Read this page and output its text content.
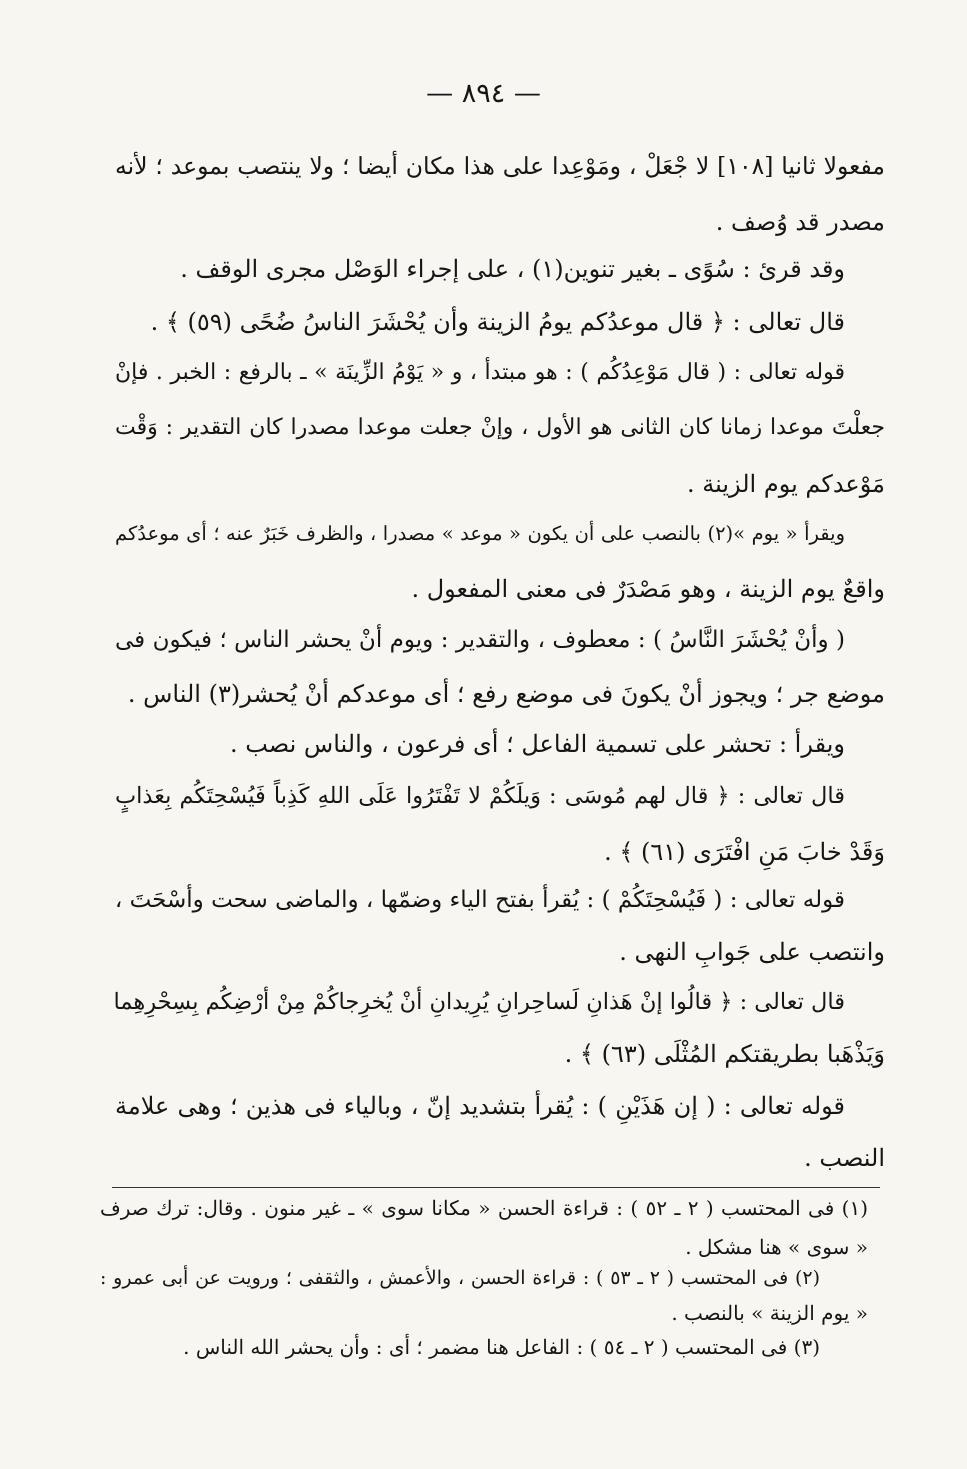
— ٨٩٤ —
مفعولا ثانيا [١٠٨] لا جْعَلْ ، ومَوْعِدا على هذا مكان أيضا ؛ ولا ينتصب بموعد ؛ لأنه
مصدر قد وُصف .
وقد قرئ : سُوًى ـ بغير تنوين(١) ، على إجراء الوَصْل مجرى الوقف .
قال تعالى : ﴿ قال موعدُكم يومُ الزينة وأن يُحْشَرَ الناسُ ضُحًى (٥٩) ﴾ .
قوله تعالى : ( قال مَوْعِدُكُم ) : هو مبتدأ ، و « يَوْمُ الزِّينَة » ـ بالرفع : الخبر . فإنْ
جعلْتَ موعدا زمانا كان الثانى هو الأول ، وإنْ جعلت موعدا مصدرا كان التقدير : وَقْت
مَوْعدكم يوم الزينة .
ويقرأ « يوم »(٢) بالنصب على أن يكون « موعد » مصدرا ، والظرف خَبَرٌ عنه ؛ أى موعدُكم
واقعٌ يوم الزينة ، وهو مَصْدَرٌ فى معنى المفعول .
( وأنْ يُحْشَرَ النَّاسُ ) : معطوف ، والتقدير : ويوم أنْ يحشر الناس ؛ فيكون فى
موضع جر ؛ ويجوز أنْ يكونَ فى موضع رفع ؛ أى موعدكم أنْ يُحشر(٣) الناس .
ويقرأ : تحشر على تسمية الفاعل ؛ أى فرعون ، والناس نصب .
قال تعالى : ﴿ قال لهم مُوسَى : وَيلَكُمْ لا تَفْتَرُوا عَلَى اللهِ كَذِباً فَيُسْحِتَكُم بِعَذابٍ
وَقَدْ خابَ مَنِ افْتَرَى (٦١) ﴾ .
قوله تعالى : ( فَيُسْحِتَكُمْ ) : يُقرأ بفتح الياء وضمّها ، والماضى سحت وأسْحَتَ ،
وانتصب على جَوابِ النهى .
قال تعالى : ﴿ قالُوا إنْ هَذانِ لَساحِرانِ يُرِيدانِ أنْ يُخرِجاكُمْ مِنْ أرْضِكُم بِسِحْرِهِما
وَيَذْهَبا بطريقتكم المُثْلَى (٦٣) ﴾ .
قوله تعالى : ( إن هَذَيْنِ ) : يُقرأ بتشديد إنّ ، وبالياء فى هذين ؛ وهى علامة
النصب .
(١) فى المحتسب ( ٢ ـ ٥٢ ) : قراءة الحسن « مكانا سوى » ـ غير منون . وقال: ترك صرف
« سوى » هنا مشكل .
(٢) فى المحتسب ( ٢ ـ ٥٣ ) : قراءة الحسن ، والأعمش ، والثقفى ؛ ورويت عن أبى عمرو :
« يوم الزينة » بالنصب .
(٣) فى المحتسب ( ٢ ـ ٥٤ ) : الفاعل هنا مضمر ؛ أى : وأن يحشر الله الناس .
